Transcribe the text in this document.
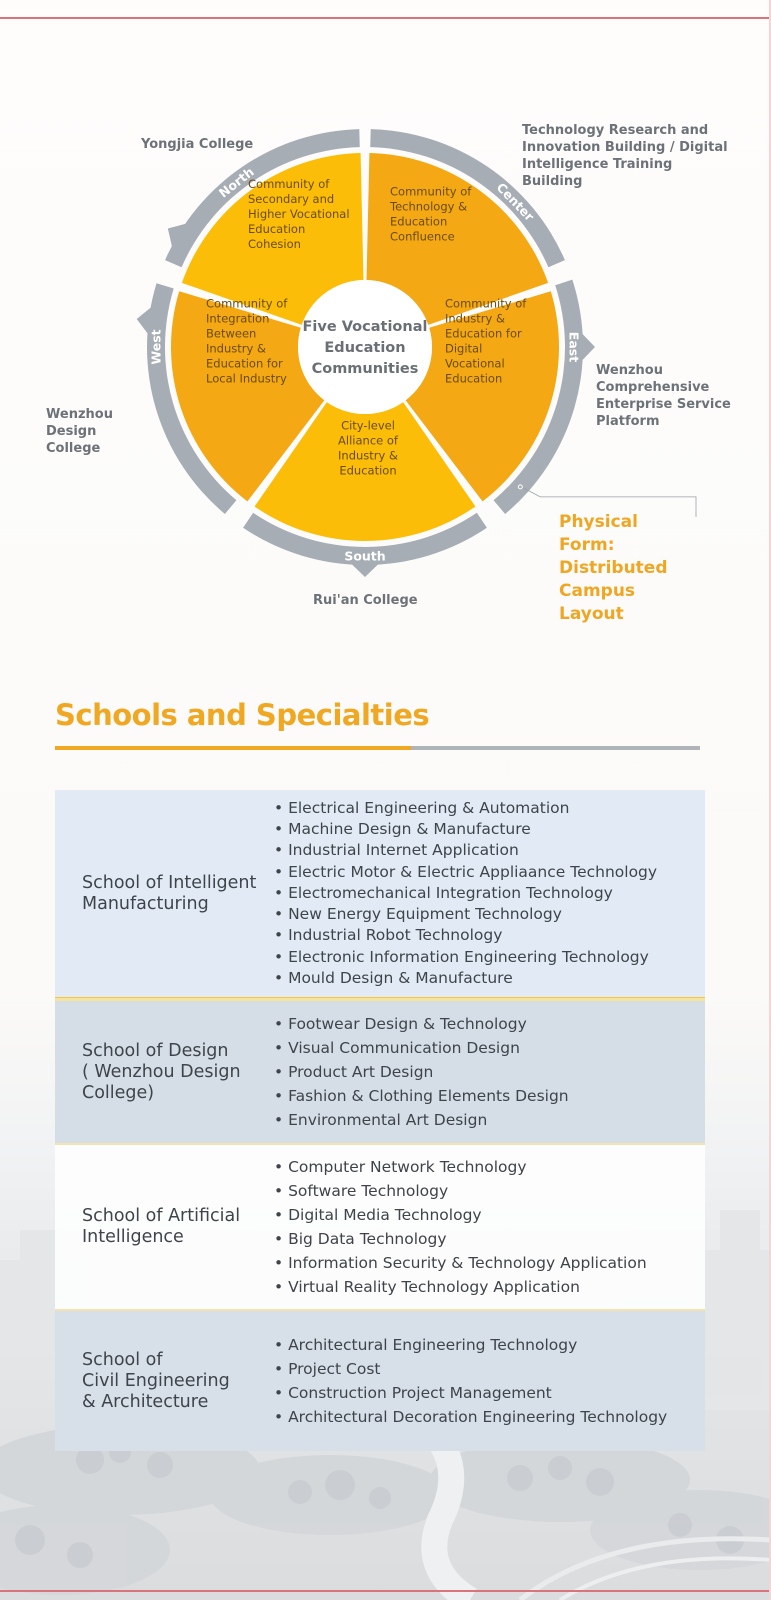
North	Center
East
South
West
Five Vocational Education Communities
Community of Secondary and Higher Vocational Education Cohesion
Community of Technology & Education Confluence
Community of Industry & Education for Digital Vocational Education
City-level Alliance of Industry & Education
Community of Integration Between Industry & Education for Local Industry
Yongjia College
Technology Research and Innovation Building / Digital Intelligence Training Building
Wenzhou Comprehensive Enterprise Service Platform
Rui'an College
Wenzhou Design College
Physical Form: Distributed Campus Layout
Schools and Specialties
School of Intelligent
Manufacturing
• Electrical Engineering & Automation
• Machine Design & Manufacture
• Industrial Internet Application
• Electric Motor & Electric Appliaance Technology
• Electromechanical Integration Technology
• New Energy Equipment Technology
• Industrial Robot Technology
• Electronic Information Engineering Technology
• Mould Design & Manufacture
School of Design
( Wenzhou Design
College)
• Footwear Design & Technology
• Visual Communication Design
• Product Art Design
• Fashion & Clothing Elements Design
• Environmental Art Design
School of Artificial
Intelligence
• Computer Network Technology
• Software Technology
• Digital Media Technology
• Big Data Technology
• Information Security & Technology Application
• Virtual Reality Technology Application
School of
Civil Engineering
& Architecture
• Architectural Engineering Technology
• Project Cost
• Construction Project Management
• Architectural Decoration Engineering Technology
